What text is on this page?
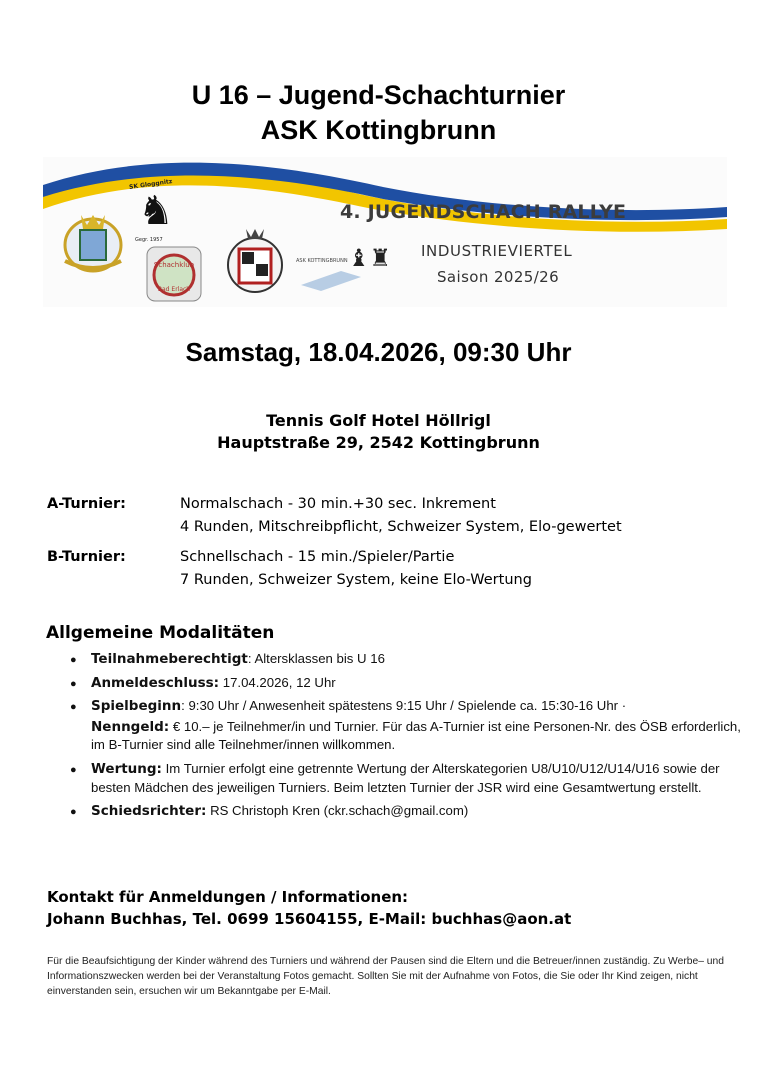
U 16 – Jugend-Schachturnier
ASK Kottingbrunn
Schachklub
Bad Erlach
SK Gloggnitz
♞
Gegr. 1957
ASK KOTTINGBRUNN ♝♜
4. JUGENDSCHACH RALLYE
INDUSTRIEVIERTEL
Saison 2025/26
Samstag, 18.04.2026, 09:30 Uhr
Tennis Golf Hotel Höllrigl
Hauptstraße 29, 2542 Kottingbrunn
A-Turnier:	Normalschach - 30 min.+30 sec. Inkrement
4 Runden, Mitschreibpflicht, Schweizer System, Elo-gewertet
B-Turnier:	Schnellschach - 15 min./Spieler/Partie
7 Runden, Schweizer System, keine Elo-Wertung
Allgemeine Modalitäten
● Teilnahmeberechtigt: Altersklassen bis U 16
● Anmeldeschluss: 17.04.2026, 12 Uhr
● Spielbeginn: 9:30 Uhr / Anwesenheit spätestens 9:15 Uhr / Spielende ca. 15:30-16 Uhr ·
Nenngeld: € 10.– je Teilnehmer/in und Turnier. Für das A-Turnier ist eine Personen-Nr. des ÖSB erforderlich, im B-Turnier sind alle Teilnehmer/innen willkommen.
● Wertung: Im Turnier erfolgt eine getrennte Wertung der Alterskategorien U8/U10/U12/U14/U16 sowie der besten Mädchen des jeweiligen Turniers. Beim letzten Turnier der JSR wird eine Gesamtwertung erstellt.
● Schiedsrichter: RS Christoph Kren (ckr.schach@gmail.com)
Kontakt für Anmeldungen / Informationen:
Johann Buchhas, Tel. 0699 15604155, E-Mail: buchhas@aon.at
Für die Beaufsichtigung der Kinder während des Turniers und während der Pausen sind die Eltern und die Betreuer/innen zuständig. Zu Werbe– und Informationszwecken werden bei der Veranstaltung Fotos gemacht. Sollten Sie mit der Aufnahme von Fotos, die Sie oder Ihr Kind zeigen, nicht einverstanden sein, ersuchen wir um Bekanntgabe per E-Mail.
